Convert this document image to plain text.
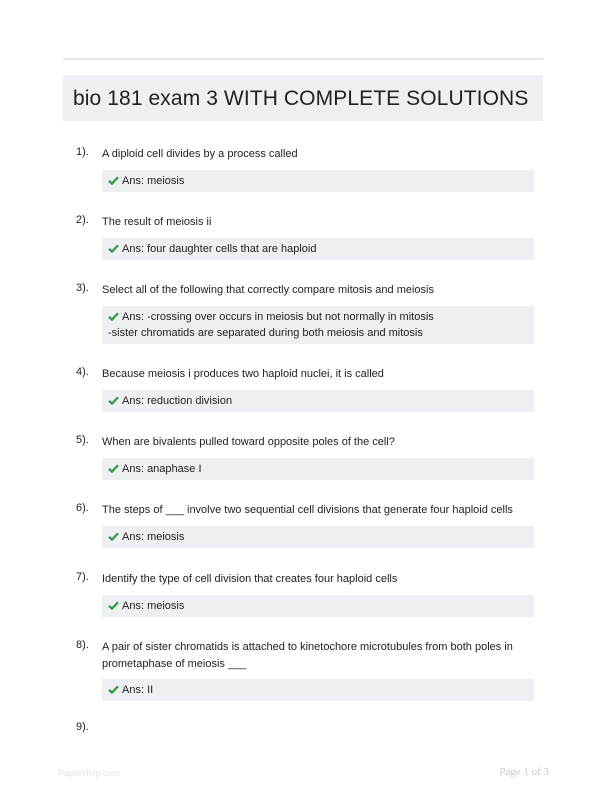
bio 181 exam 3 WITH COMPLETE SOLUTIONS
1). A diploid cell divides by a process called
Ans: meiosis
2). The result of meiosis ii
Ans: four daughter cells that are haploid
3). Select all of the following that correctly compare mitosis and meiosis
Ans: -crossing over occurs in meiosis but not normally in mitosis
-sister chromatids are separated during both meiosis and mitosis
4). Because meiosis i produces two haploid nuclei, it is called
Ans: reduction division
5). When are bivalents pulled toward opposite poles of the cell?
Ans: anaphase I
6). The steps of ___ involve two sequential cell divisions that generate four haploid cells
Ans: meiosis
7). Identify the type of cell division that creates four haploid cells
Ans: meiosis
8). A pair of sister chromatids is attached to kinetochore microtubules from both poles in prometaphase of meiosis ___
Ans: II
9).
PaperHelp.com	Page 1 of 3
